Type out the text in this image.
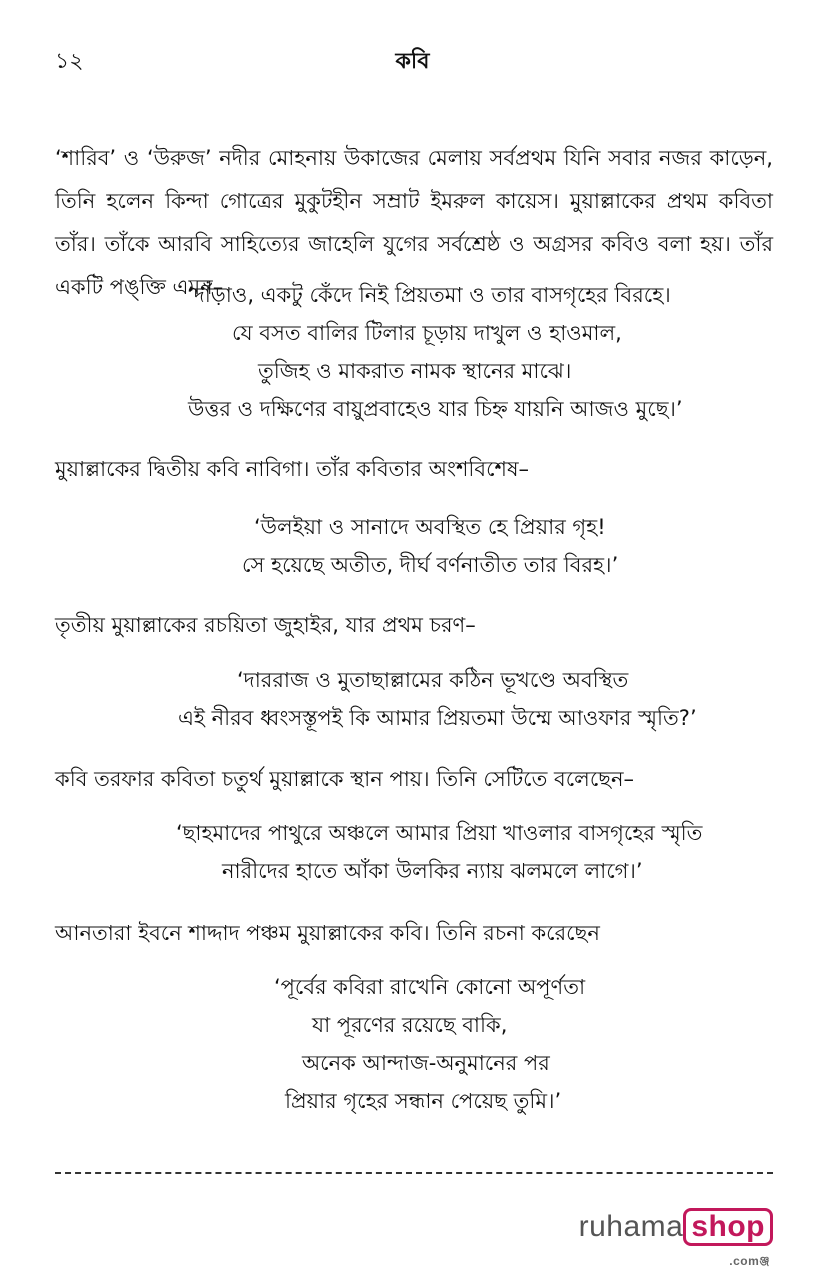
১২	কবি
‘শারিব’ ও ‘উরুজ’ নদীর মোহনায় উকাজের মেলায় সর্বপ্রথম যিনি সবার নজর কাড়েন, তিনি হলেন কিন্দা গোত্রের মুকুটহীন সম্রাট ইমরুল কায়েস। মুয়াল্লাকের প্রথম কবিতা তাঁর। তাঁকে আরবি সাহিত্যের জাহেলি যুগের সর্বশ্রেষ্ঠ ও অগ্রসর কবিও বলা হয়। তাঁর একটি পঙ্‌ক্তি এমন–
‘দাঁড়াও, একটু কেঁদে নিই প্রিয়তমা ও তার বাসগৃহের বিরহে।
যে বসত বালির টিলার চূড়ায় দাখুল ও হাওমাল,
তুজিহ ও মাকরাত নামক স্থানের মাঝে।
উত্তর ও দক্ষিণের বায়ুপ্রবাহেও যার চিহ্ন যায়নি আজও মুছে।’
মুয়াল্লাকের দ্বিতীয় কবি নাবিগা। তাঁর কবিতার অংশবিশেষ–
‘উলইয়া ও সানাদে অবস্থিত হে প্রিয়ার গৃহ!
সে হয়েছে অতীত, দীর্ঘ বর্ণনাতীত তার বিরহ।’
তৃতীয় মুয়াল্লাকের রচয়িতা জুহাইর, যার প্রথম চরণ–
‘দাররাজ ও মুতাছাল্লামের কঠিন ভূখণ্ডে অবস্থিত
এই নীরব ধ্বংসস্তূপই কি আমার প্রিয়তমা উম্মে আওফার স্মৃতি?’
কবি তরফার কবিতা চতুর্থ মুয়াল্লাকে স্থান পায়। তিনি সেটিতে বলেছেন–
‘ছাহমাদের পাথুরে অঞ্চলে আমার প্রিয়া খাওলার বাসগৃহের স্মৃতি
নারীদের হাতে আঁকা উলকির ন্যায় ঝলমলে লাগে।’
আনতারা ইবনে শাদ্দাদ পঞ্চম মুয়াল্লাকের কবি। তিনি রচনা করেছেন
‘পূর্বের কবিরা রাখেনি কোনো অপূর্ণতা
যা পূরণের রয়েছে বাকি,
অনেক আন্দাজ-অনুমানের পর
প্রিয়ার গৃহের সন্ধান পেয়েছ তুমি।’
ruhama shop
.comঞ্জ
